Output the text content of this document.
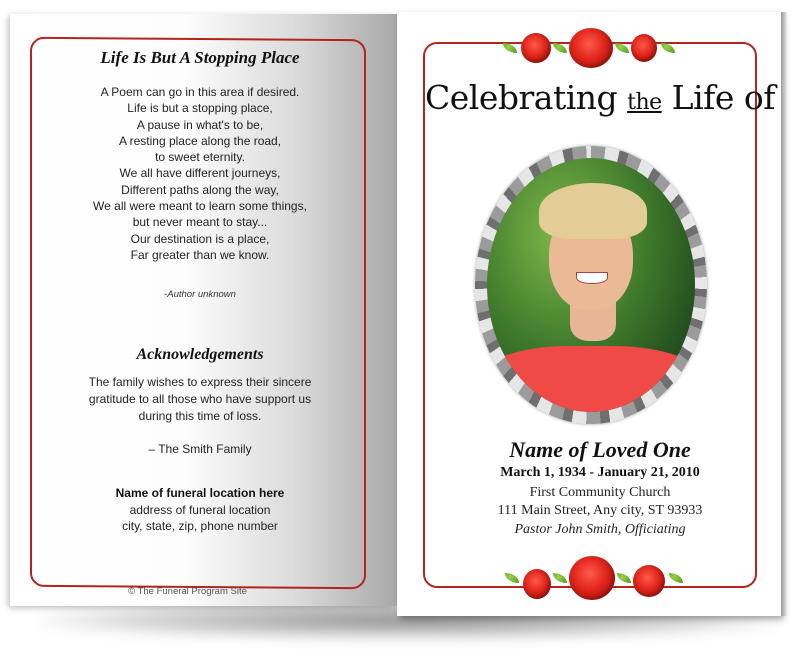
Life Is But A Stopping Place
A Poem can go in this area if desired.
Life is but a stopping place,
A pause in what's to be,
A resting place along the road,
to sweet eternity.
We all have different journeys,
Different paths along the way,
We all were meant to learn some things,
but never meant to stay...
Our destination is a place,
Far greater than we know.
-Author unknown
Acknowledgements
The family wishes to express their sincere
gratitude to all those who have support us
during this time of loss.
– The Smith Family
Name of funeral location here
address of funeral location
city, state, zip, phone number
© The Funeral Program Site
Celebrating the Life of
Name of Loved One
March 1, 1934 - January 21, 2010
First Community Church
111 Main Street, Any city, ST 93933
Pastor John Smith, Officiating
